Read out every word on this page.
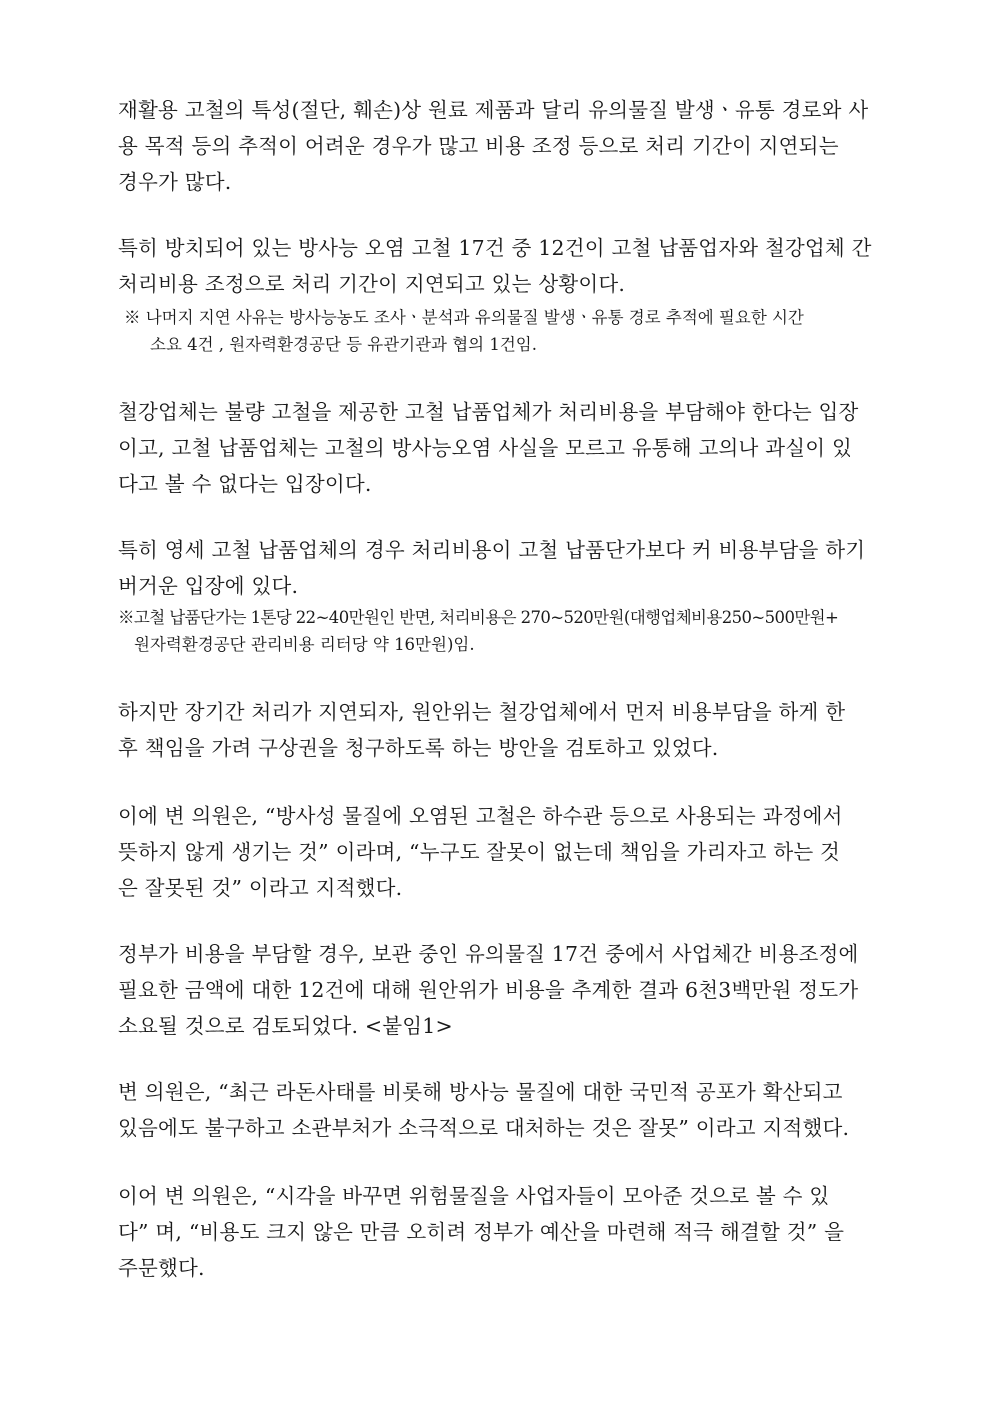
재활용 고철의 특성(절단, 훼손)상 원료 제품과 달리 유의물질 발생ㆍ유통 경로와 사
용 목적 등의 추적이 어려운 경우가 많고 비용 조정 등으로 처리 기간이 지연되는
경우가 많다.
특히 방치되어 있는 방사능 오염 고철 17건 중 12건이 고철 납품업자와 철강업체 간
처리비용 조정으로 처리 기간이 지연되고 있는 상황이다.
※ 나머지 지연 사유는 방사능농도 조사ㆍ분석과 유의물질 발생ㆍ유통 경로 추적에 필요한 시간
소요 4건 , 원자력환경공단 등 유관기관과 협의 1건임.
철강업체는 불량 고철을 제공한 고철 납품업체가 처리비용을 부담해야 한다는 입장
이고, 고철 납품업체는 고철의 방사능오염 사실을 모르고 유통해 고의나 과실이 있
다고 볼 수 없다는 입장이다.
특히 영세 고철 납품업체의 경우 처리비용이 고철 납품단가보다 커 비용부담을 하기
버거운 입장에 있다.
※고철 납품단가는 1톤당 22~40만원인 반면, 처리비용은 270~520만원(대행업체비용250~500만원+
원자력환경공단 관리비용 리터당 약 16만원)임.
하지만 장기간 처리가 지연되자, 원안위는 철강업체에서 먼저 비용부담을 하게 한
후 책임을 가려 구상권을 청구하도록 하는 방안을 검토하고 있었다.
이에 변 의원은, “방사성 물질에 오염된 고철은 하수관 등으로 사용되는 과정에서
뜻하지 않게 생기는 것” 이라며, “누구도 잘못이 없는데 책임을 가리자고 하는 것
은 잘못된 것” 이라고 지적했다.
정부가 비용을 부담할 경우, 보관 중인 유의물질 17건 중에서 사업체간 비용조정에
필요한 금액에 대한 12건에 대해 원안위가 비용을 추계한 결과 6천3백만원 정도가
소요될 것으로 검토되었다. <붙임1>
변 의원은, “최근 라돈사태를 비롯해 방사능 물질에 대한 국민적 공포가 확산되고
있음에도 불구하고 소관부처가 소극적으로 대처하는 것은 잘못” 이라고 지적했다.
이어 변 의원은, “시각을 바꾸면 위험물질을 사업자들이 모아준 것으로 볼 수 있
다” 며, “비용도 크지 않은 만큼 오히려 정부가 예산을 마련해 적극 해결할 것” 을
주문했다.
